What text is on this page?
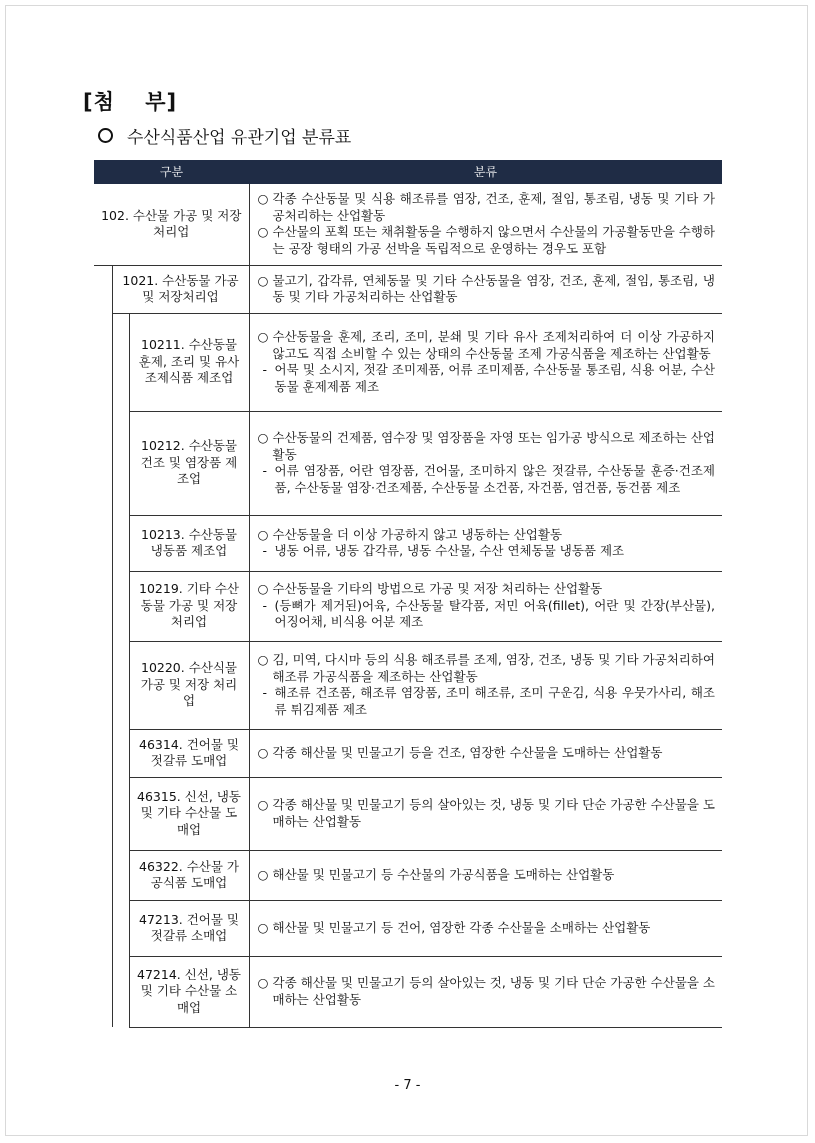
[첨 부]
수산식품산업 유관기업 분류표
구분			분류
102. 수산물 가공 및 저장처리업			○ 각종 수산동물 및 식용 해조류를 염장, 건조, 훈제, 절임, 통조림, 냉동 및 기타 가공처리하는 산업활동
○ 수산물의 포획 또는 채취활동을 수행하지 않으면서 수산물의 가공활동만을 수행하는 공장 형태의 가공 선박을 독립적으로 운영하는 경우도 포함

	1021. 수산동물 가공 및 저장처리업		○ 물고기, 갑각류, 연체동물 및 기타 수산동물을 염장, 건조, 훈제, 절임, 통조림, 냉동 및 기타 가공처리하는 산업활동

		10211. 수산동물 훈제, 조리 및 유사 조제식품 제조업	○ 수산동물을 훈제, 조리, 조미, 분쇄 및 기타 유사 조제처리하여 더 이상 가공하지 않고도 직접 소비할 수 있는 상태의 수산동물 조제 가공식품을 제조하는 산업활동
- 어묵 및 소시지, 젓갈 조미제품, 어류 조미제품, 수산동물 통조림, 식용 어분, 수산동물 훈제제품 제조

		10212. 수산동물 건조 및 염장품 제조업	○ 수산동물의 건제품, 염수장 및 염장품을 자영 또는 임가공 방식으로 제조하는 산업활동
- 어류 염장품, 어란 염장품, 건어물, 조미하지 않은 젓갈류, 수산동물 훈증·건조제품, 수산동물 염장·건조제품, 수산동물 소건품, 자건품, 염건품, 동건품 제조

		10213. 수산동물 냉동품 제조업	○ 수산동물을 더 이상 가공하지 않고 냉동하는 산업활동
- 냉동 어류, 냉동 갑각류, 냉동 수산물, 수산 연체동물 냉동품 제조

		10219. 기타 수산동물 가공 및 저장 처리업	○ 수산동물을 기타의 방법으로 가공 및 저장 처리하는 산업활동
- (등뼈가 제거된)어육, 수산동물 탈각품, 저민 어육(fillet), 어란 및 간장(부산물), 어징어채, 비식용 어분 제조

		10220. 수산식물 가공 및 저장 처리업	○ 김, 미역, 다시마 등의 식용 해조류를 조제, 염장, 건조, 냉동 및 기타 가공처리하여 해조류 가공식품을 제조하는 산업활동
- 해조류 건조품, 해조류 염장품, 조미 해조류, 조미 구운김, 식용 우뭇가사리, 해조류 튀김제품 제조

		46314. 건어물 및 젓갈류 도매업	○ 각종 해산물 및 민물고기 등을 건조, 염장한 수산물을 도매하는 산업활동

		46315. 신선, 냉동 및 기타 수산물 도매업	○ 각종 해산물 및 민물고기 등의 살아있는 것, 냉동 및 기타 단순 가공한 수산물을 도매하는 산업활동

		46322. 수산물 가공식품 도매업	○ 해산물 및 민물고기 등 수산물의 가공식품을 도매하는 산업활동

		47213. 건어물 및 젓갈류 소매업	○ 해산물 및 민물고기 등 건어, 염장한 각종 수산물을 소매하는 산업활동

		47214. 신선, 냉동 및 기타 수산물 소매업	○ 각종 해산물 및 민물고기 등의 살아있는 것, 냉동 및 기타 단순 가공한 수산물을 소매하는 산업활동
- 7 -
